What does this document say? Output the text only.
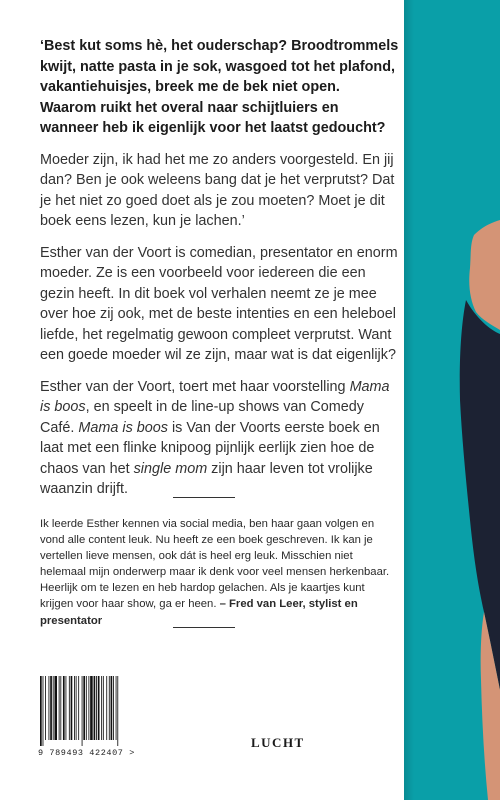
‘Best kut soms hè, het ouderschap? Broodtrommels kwijt, natte pasta in je sok, wasgoed tot het plafond, vakantiehuisjes, breek me de bek niet open. Waarom ruikt het overal naar schijtluiers en wanneer heb ik eigenlijk voor het laatst gedoucht?

Moeder zijn, ik had het me zo anders voorgesteld. En jij dan? Ben je ook weleens bang dat je het verprutst? Dat je het niet zo goed doet als je zou moeten? Moet je dit boek eens lezen, kun je lachen.’

Esther van der Voort is comedian, presentator en enorm moeder. Ze is een voorbeeld voor iedereen die een gezin heeft. In dit boek vol verhalen neemt ze je mee over hoe zij ook, met de beste intenties en een heleboel liefde, het regelmatig gewoon compleet verprutst. Want een goede moeder wil ze zijn, maar wat is dat eigenlijk?

Esther van der Voort, toert met haar voorstelling Mama is boos, en speelt in de line-up shows van Comedy Café. Mama is boos is Van der Voorts eerste boek en laat met een flinke knipoog pijnlijk eerlijk zien hoe de chaos van het single mom zijn haar leven tot vrolijke waanzin drijft.

Ik leerde Esther kennen via social media, ben haar gaan volgen en vond alle content leuk. Nu heeft ze een boek geschreven. Ik kan je vertellen lieve mensen, ook dát is heel erg leuk. Misschien niet helemaal mijn onderwerp maar ik denk voor veel mensen herkenbaar. Heerlijk om te lezen en heb hardop gelachen. Als je kaartjes kunt krijgen voor haar show, ga er heen. – Fred van Leer, stylist en presentator
9 789493 422407 >
LUCHT
